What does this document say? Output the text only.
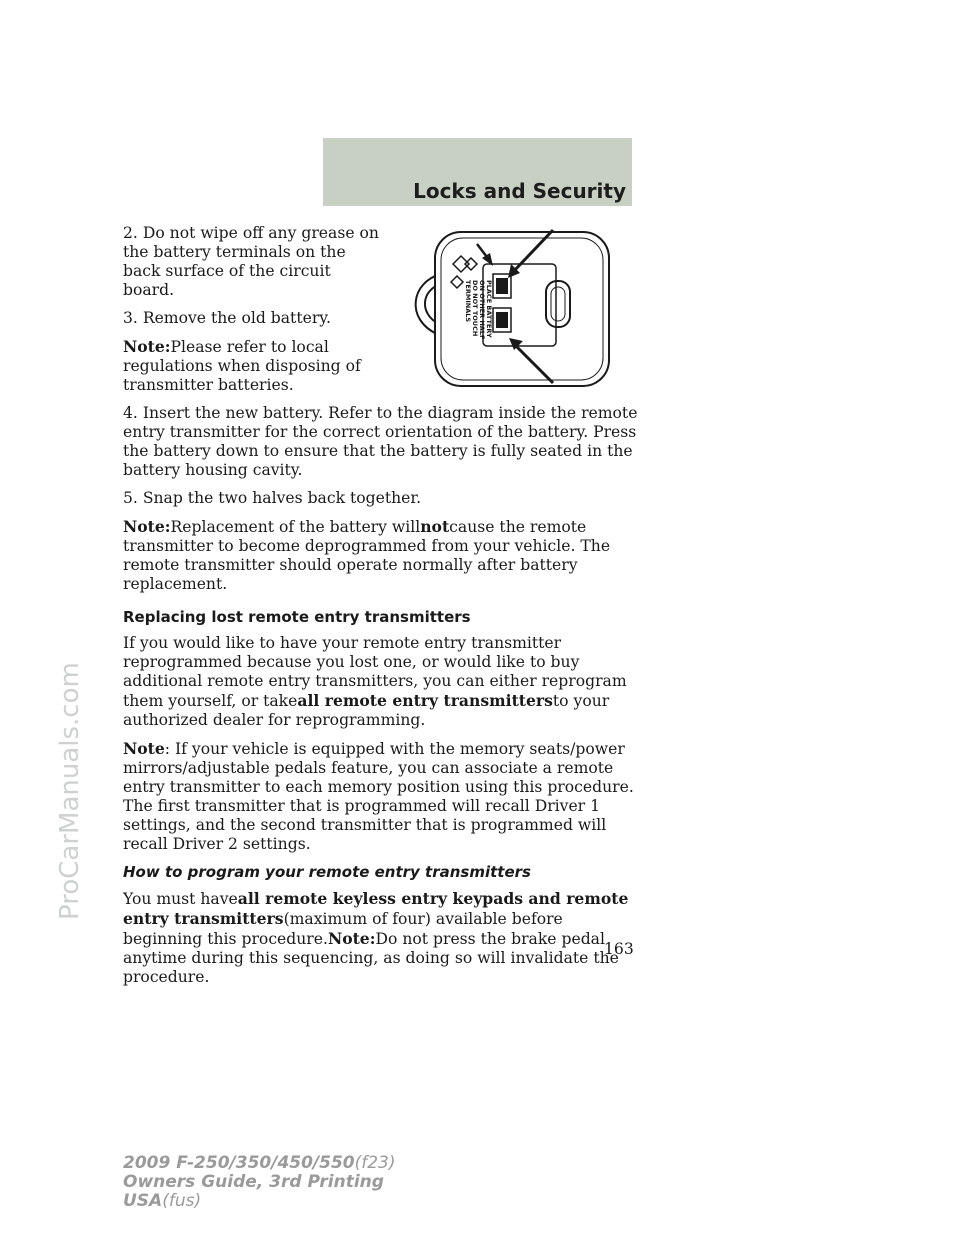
Locks and Security
ProCarManuals.com
PLACE BATTERY
ON OTHER HALF
DO NOT TOUCH
TERMINALS

2. Do not wipe off any grease on the battery terminals on the back surface of the circuit board.

3. Remove the old battery.

Note:Please refer to local regulations when disposing of transmitter batteries.

4. Insert the new battery. Refer to the diagram inside the remote entry transmitter for the correct orientation of the battery. Press the battery down to ensure that the battery is fully seated in the battery housing cavity.

5. Snap the two halves back together.

Note:Replacement of the battery willnotcause the remote transmitter to become deprogrammed from your vehicle. The remote transmitter should operate normally after battery replacement.

Replacing lost remote entry transmitters

If you would like to have your remote entry transmitter reprogrammed because you lost one, or would like to buy additional remote entry transmitters, you can either reprogram them yourself, or takeall remote entry transmittersto your authorized dealer for reprogramming.

Note: If your vehicle is equipped with the memory seats/power mirrors/adjustable pedals feature, you can associate a remote entry transmitter to each memory position using this procedure. The first transmitter that is programmed will recall Driver 1 settings, and the second transmitter that is programmed will recall Driver 2 settings.

How to program your remote entry transmitters

You must haveall remote keyless entry keypads and remote entry transmitters(maximum of four) available before beginning this procedure.Note:Do not press the brake pedal anytime during this sequencing, as doing so will invalidate the procedure.

163
2009 F-250/350/450/550(f23)
Owners Guide, 3rd Printing
USA(fus)
